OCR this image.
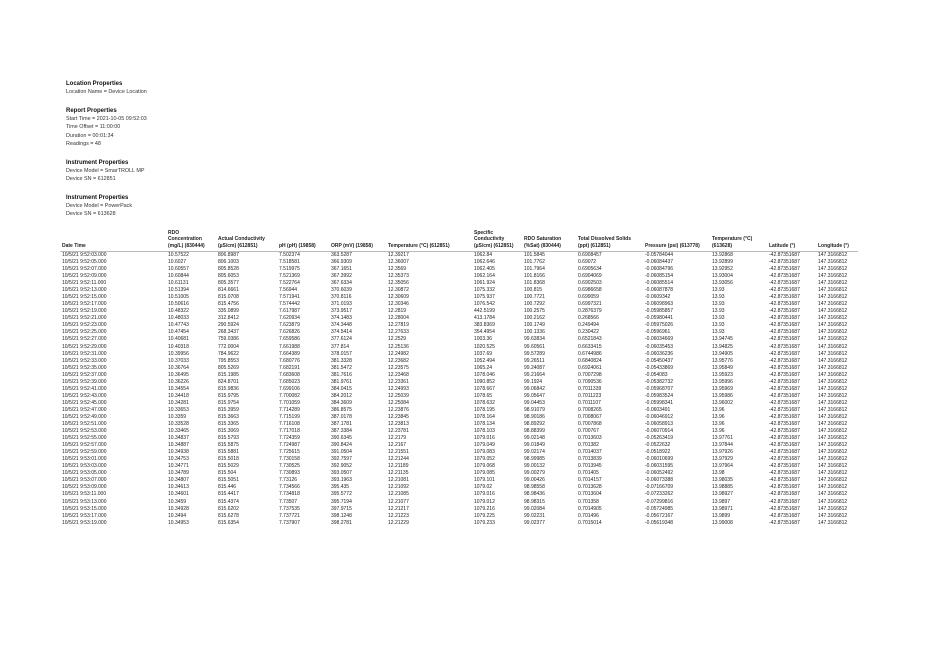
Location Properties
Location Name = Device Location
Report Properties
Start Time = 2021-10-05 09:52:03
Time Offset = 11:00:00
Duration = 00:01:34
Readings = 48
Instrument Properties
Device Model = SmarTROLL MP
Device SN = 612851
Instrument Properties
Device Model = PowerPack
Device SN = 613628
Date Time	RDO Concentration (mg/L) (830444)	Actual Conductivity (µS/cm) (612851)	pH (pH) (19858)	ORP (mV) (19858)	Temperature (°C) (612851)	Specific Conductivity (µS/cm) (612851)	RDO Saturation (%Sat) (830444)	Total Dissolved Solids (ppt) (612851)	Pressure (psi) (613778)	Temperature (°C) (613628)	Latitude (°)	Longitude (°)
10/5/21 9:52:03.000	10.57522	806.8987	7.502374	363.5287	12.39217	1062.84	101.5845	0.6908457	-0.05784044	13.92868	-42.87351687	147.3166812
10/5/21 9:52:05.000	10.6027	806.1003	7.518581	366.9309	12.36007	1062.646	101.7762	0.69072	-0.06084437	13.92899	-42.87351687	147.3166812
10/5/21 9:52:07.000	10.60557	805.8528	7.519975	367.1651	12.3569	1062.405	101.7964	0.6905634	-0.06084796	13.92952	-42.87351687	147.3166812
10/5/21 9:52:09.000	10.60844	805.6053	7.521369	367.3992	12.35373	1062.164	101.8166	0.6904069	-0.06085154	13.93004	-42.87351687	147.3166812
10/5/21 9:52:11.000	10.61131	805.3577	7.522764	367.6334	12.35056	1061.924	101.8368	0.6902503	-0.06085514	13.93056	-42.87351687	147.3166812
10/5/21 9:52:13.000	10.51394	814.6661	7.56944	370.6039	12.30872	1075.332	100.815	0.6986658	-0.06087878	13.93	-42.87351687	147.3166812
10/5/21 9:52:15.000	10.51005	815.0708	7.571941	370.8116	12.30609	1075.937	100.7721	0.699059	-0.0609342	13.93	-42.87351687	147.3166812
10/5/21 9:52:17.000	10.50616	815.4756	7.574442	371.0193	12.30346	1076.542	100.7292	0.6997321	-0.06098963	13.93	-42.87351687	147.3166812
10/5/21 9:52:19.000	10.48322	335.0899	7.617987	373.9517	12.2819	442.5199	100.2575	0.2876379	-0.05985857	13.93	-42.87351687	147.3166812
10/5/21 9:52:21.000	10.48033	312.8412	7.620934	374.1483	12.28004	413.1784	100.2162	0.268566	-0.05980441	13.93	-42.87351687	147.3166812
10/5/21 9:52:23.000	10.47743	290.5924	7.623879	374.3448	12.27819	383.8369	100.1749	0.249494	-0.05975026	13.93	-42.87351687	147.3166812
10/5/21 9:52:25.000	10.47454	268.3437	7.626826	374.5414	12.27633	354.4954	100.1336	0.230422	-0.0596961	13.93	-42.87351687	147.3166812
10/5/21 9:52:27.000	10.40681	759.0386	7.659586	377.6124	12.2529	1003.36	99.63834	0.6521843	-0.06034669	13.94745	-42.87351687	147.3166812
10/5/21 9:52:29.000	10.40318	772.0004	7.661988	377.814	12.25136	1020.525	99.60561	0.6633415	-0.06035453	13.94825	-42.87351687	147.3166812
10/5/21 9:52:31.000	10.39956	784.9622	7.664389	378.0157	12.24982	1037.69	99.57289	0.6744986	-0.06036236	13.94905	-42.87351687	147.3166812
10/5/21 9:52:33.000	10.37033	795.8553	7.680776	381.3328	12.23682	1052.494	99.26511	0.6840824	-0.05450437	13.95776	-42.87351687	147.3166812
10/5/21 9:52:35.000	10.36764	805.5269	7.682191	381.5472	12.23575	1065.24	99.24087	0.6924061	-0.05433869	13.95849	-42.87351687	147.3166812
10/5/21 9:52:37.000	10.36495	815.1985	7.683608	381.7616	12.23468	1078.046	99.21664	0.7007298	-0.054083	13.95923	-42.87351687	147.3166812
10/5/21 9:52:39.000	10.36226	824.8701	7.685023	381.9761	12.23361	1090.852	99.1924	0.7090536	-0.05382732	13.95996	-42.87351687	147.3166812
10/5/21 9:52:41.000	10.34554	815.9836	7.699106	384.0415	12.24993	1078.667	99.06842	0.7011339	-0.05968707	13.95969	-42.87351687	147.3166812
10/5/21 9:52:43.000	10.34418	815.9795	7.700082	384.2012	12.25039	1078.65	99.05647	0.7011223	-0.05983524	13.95986	-42.87351687	147.3166812
10/5/21 9:52:45.000	10.34281	815.9754	7.701059	384.3609	12.25084	1078.632	99.04453	0.7011107	-0.05998341	13.96002	-42.87351687	147.3166812
10/5/21 9:52:47.000	10.33653	815.3959	7.714289	386.8575	12.23876	1078.195	98.91079	0.7008265	-0.0603491	13.96	-42.87351687	147.3166812
10/5/21 9:52:49.000	10.3359	815.3663	7.715199	387.0178	12.23845	1078.164	98.90186	0.7008067	-0.06046912	13.96	-42.87351687	147.3166812
10/5/21 9:52:51.000	10.33528	815.3365	7.716108	387.1781	12.23813	1078.134	98.89292	0.7007868	-0.06058913	13.96	-42.87351687	147.3166812
10/5/21 9:52:53.000	10.33465	815.3069	7.717018	387.3384	12.23781	1078.103	98.88399	0.700767	-0.06070914	13.96	-42.87351687	147.3166812
10/5/21 9:52:55.000	10.34837	815.5793	7.724359	390.6345	12.2179	1079.016	99.02148	0.7013603	-0.05263419	13.97761	-42.87351687	147.3166812
10/5/21 9:52:57.000	10.34887	815.5875	7.724987	390.8424	12.2167	1079.049	99.01849	0.701382	-0.0522632	13.97844	-42.87351687	147.3166812
10/5/21 9:52:59.000	10.34938	815.5881	7.725615	391.0504	12.21551	1079.083	99.02174	0.7014037	-0.0518922	13.97926	-42.87351687	147.3166812
10/5/21 9:53:01.000	10.34753	815.5018	7.730158	392.7597	12.21244	1079.052	98.99985	0.7013839	-0.06010699	13.97929	-42.87351687	147.3166812
10/5/21 9:53:03.000	10.34771	815.5029	7.730525	392.9052	12.21189	1079.068	99.00132	0.7013945	-0.06031595	13.97964	-42.87351687	147.3166812
10/5/21 9:53:05.000	10.34789	815.504	7.730893	393.0507	12.21135	1079.085	99.00279	0.701405	-0.06052492	13.98	-42.87351687	147.3166812
10/5/21 9:53:07.000	10.34807	815.5051	7.73126	393.1963	12.21081	1079.101	99.00426	0.7014157	-0.06073388	13.98035	-42.87351687	147.3166812
10/5/21 9:53:09.000	10.34613	815.446	7.734566	395.435	12.21092	1079.02	98.98558	0.7013628	-0.07166709	13.98885	-42.87351687	147.3166812
10/5/21 9:53:11.000	10.34601	815.4417	7.734818	395.5772	12.21085	1079.016	98.98436	0.7013604	-0.07233262	13.98927	-42.87351687	147.3166812
10/5/21 9:53:13.000	10.3459	815.4374	7.73507	395.7194	12.21077	1079.012	98.98315	0.701358	-0.07299816	13.9897	-42.87351687	147.3166812
10/5/21 9:53:15.000	10.34928	815.6202	7.737535	397.9715	12.21217	1079.216	99.02084	0.7014905	-0.05724985	13.98971	-42.87351687	147.3166812
10/5/21 9:53:17.000	10.3494	815.6278	7.737721	398.1248	12.21223	1079.225	99.02231	0.701496	-0.05672167	13.9899	-42.87351687	147.3166812
10/5/21 9:53:19.000	10.34953	815.6354	7.737907	398.2781	12.21229	1079.233	99.02377	0.7015014	-0.05619348	13.99008	-42.87351687	147.3166812
